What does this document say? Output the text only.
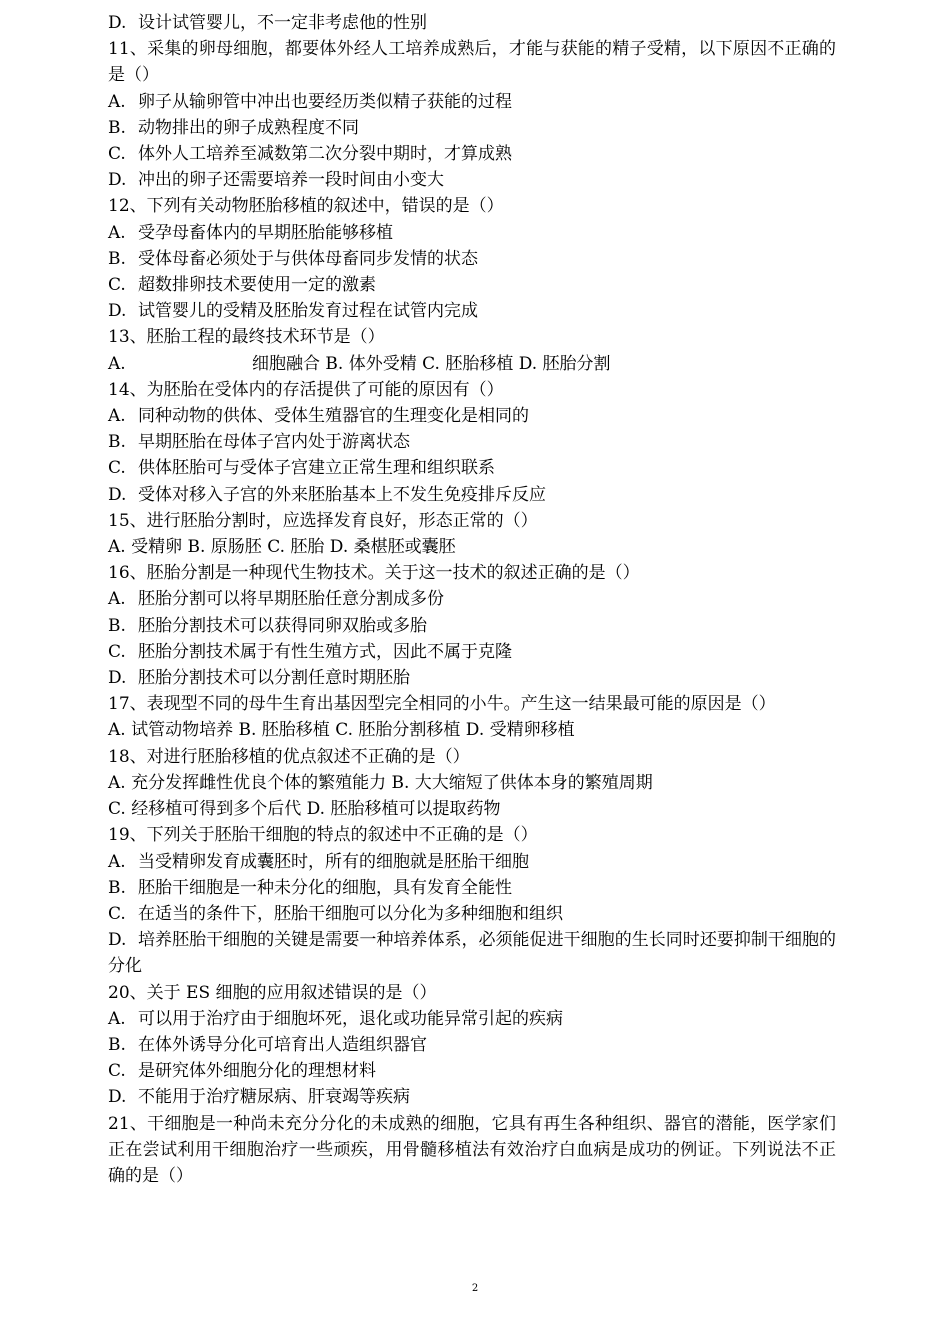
D. 设计试管婴儿，不一定非考虑他的性别
11、采集的卵母细胞，都要体外经人工培养成熟后，才能与获能的精子受精，以下原因不正确的是（）
A. 卵子从输卵管中冲出也要经历类似精子获能的过程
B. 动物排出的卵子成熟程度不同
C. 体外人工培养至减数第二次分裂中期时，才算成熟
D. 冲出的卵子还需要培养一段时间由小变大
12、下列有关动物胚胎移植的叙述中，错误的是（）
A. 受孕母畜体内的早期胚胎能够移植
B. 受体母畜必须处于与供体母畜同步发情的状态
C. 超数排卵技术要使用一定的激素
D. 试管婴儿的受精及胚胎发育过程在试管内完成
13、胚胎工程的最终技术环节是（）
A.	细胞融合 B. 体外受精 C. 胚胎移植 D. 胚胎分割
14、为胚胎在受体内的存活提供了可能的原因有（）
A. 同种动物的供体、受体生殖器官的生理变化是相同的
B. 早期胚胎在母体子宫内处于游离状态
C. 供体胚胎可与受体子宫建立正常生理和组织联系
D. 受体对移入子宫的外来胚胎基本上不发生免疫排斥反应
15、进行胚胎分割时，应选择发育良好，形态正常的（）
A. 受精卵 B. 原肠胚 C. 胚胎 D. 桑椹胚或囊胚
16、胚胎分割是一种现代生物技术。关于这一技术的叙述正确的是（）
A. 胚胎分割可以将早期胚胎任意分割成多份
B. 胚胎分割技术可以获得同卵双胎或多胎
C. 胚胎分割技术属于有性生殖方式，因此不属于克隆
D. 胚胎分割技术可以分割任意时期胚胎
17、表现型不同的母牛生育出基因型完全相同的小牛。产生这一结果最可能的原因是（）
A. 试管动物培养 B. 胚胎移植 C. 胚胎分割移植 D. 受精卵移植
18、对进行胚胎移植的优点叙述不正确的是（）
A. 充分发挥雌性优良个体的繁殖能力 B. 大大缩短了供体本身的繁殖周期
C. 经移植可得到多个后代 D. 胚胎移植可以提取药物
19、下列关于胚胎干细胞的特点的叙述中不正确的是（）
A. 当受精卵发育成囊胚时，所有的细胞就是胚胎干细胞
B. 胚胎干细胞是一种未分化的细胞，具有发育全能性
C. 在适当的条件下，胚胎干细胞可以分化为多种细胞和组织
D. 培养胚胎干细胞的关键是需要一种培养体系，必须能促进干细胞的生长同时还要抑制干细胞的分化
20、关于 ES 细胞的应用叙述错误的是（）
A. 可以用于治疗由于细胞坏死，退化或功能异常引起的疾病
B. 在体外诱导分化可培育出人造组织器官
C. 是研究体外细胞分化的理想材料
D. 不能用于治疗糖尿病、肝衰竭等疾病
21、干细胞是一种尚未充分分化的未成熟的细胞，它具有再生各种组织、器官的潜能，医学家们正在尝试利用干细胞治疗一些顽疾，用骨髓移植法有效治疗白血病是成功的例证。下列说法不正确的是（）
2
